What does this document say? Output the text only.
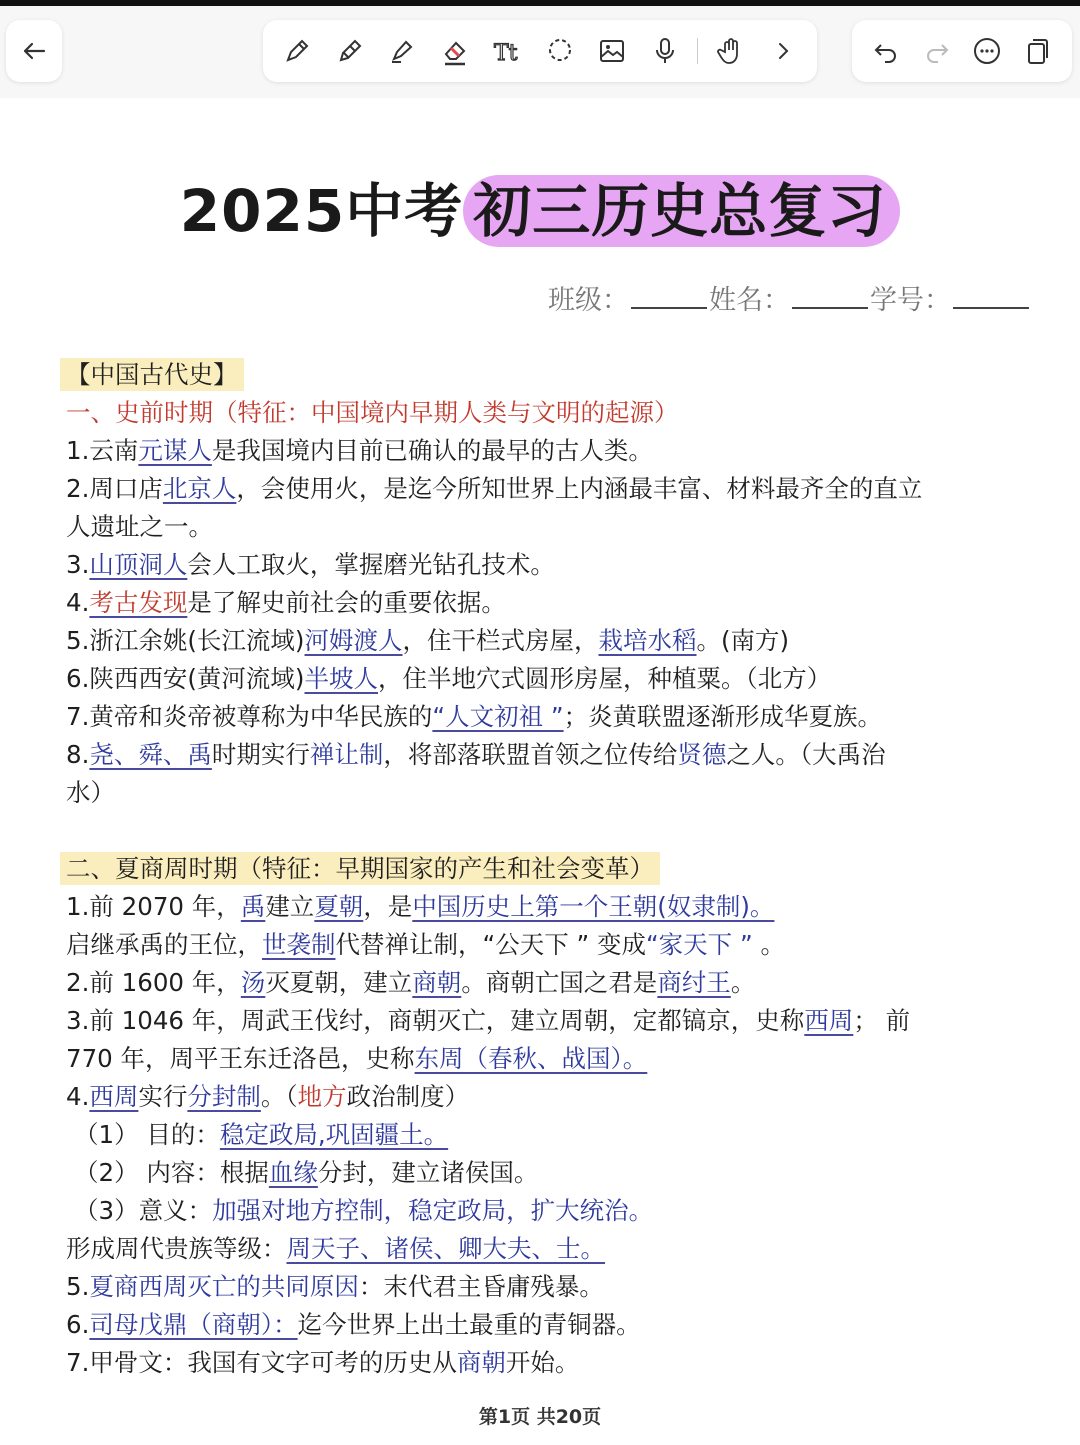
Tt
2025中考 初三历史总复习
班级：	姓名：	学号：
【中国古代史】
一、史前时期（特征：中国境内早期人类与文明的起源）
1.云南元谋人是我国境内目前已确认的最早的古人类。
2.周口店北京人，会使用火，是迄今所知世界上内涵最丰富、材料最齐全的直立
人遗址之一。
3.山顶洞人会人工取火，掌握磨光钻孔技术。
4.考古发现是了解史前社会的重要依据。
5.浙江余姚(长江流域)河姆渡人，住干栏式房屋，栽培水稻。(南方)
6.陕西西安(黄河流域)半坡人，住半地穴式圆形房屋，种植粟。（北方）
7.黄帝和炎帝被尊称为中华民族的“人文初祖 ”；炎黄联盟逐渐形成华夏族。
8.尧、舜、禹时期实行禅让制，将部落联盟首领之位传给贤德之人。（大禹治
水）
二、夏商周时期（特征：早期国家的产生和社会变革）
1.前 2070 年，禹建立夏朝，是中国历史上第一个王朝(奴隶制)。
启继承禹的王位，世袭制代替禅让制，“公天下 ” 变成“家天下 ” 。
2.前 1600 年，汤灭夏朝，建立商朝。商朝亡国之君是商纣王。
3.前 1046 年，周武王伐纣，商朝灭亡，建立周朝，定都镐京，史称西周； 前
770 年，周平王东迁洛邑，史称东周（春秋、战国）。
4.西周实行分封制。（地方政治制度）
（1） 目的：稳定政局,巩固疆土。
（2） 内容：根据血缘分封，建立诸侯国。
（3）意义：加强对地方控制，稳定政局，扩大统治。
形成周代贵族等级：周天子、诸侯、卿大夫、士。
5.夏商西周灭亡的共同原因：末代君主昏庸残暴。
6.司母戊鼎（商朝）：迄今世界上出土最重的青铜器。
7.甲骨文：我国有文字可考的历史从商朝开始。
第1页 共20页
